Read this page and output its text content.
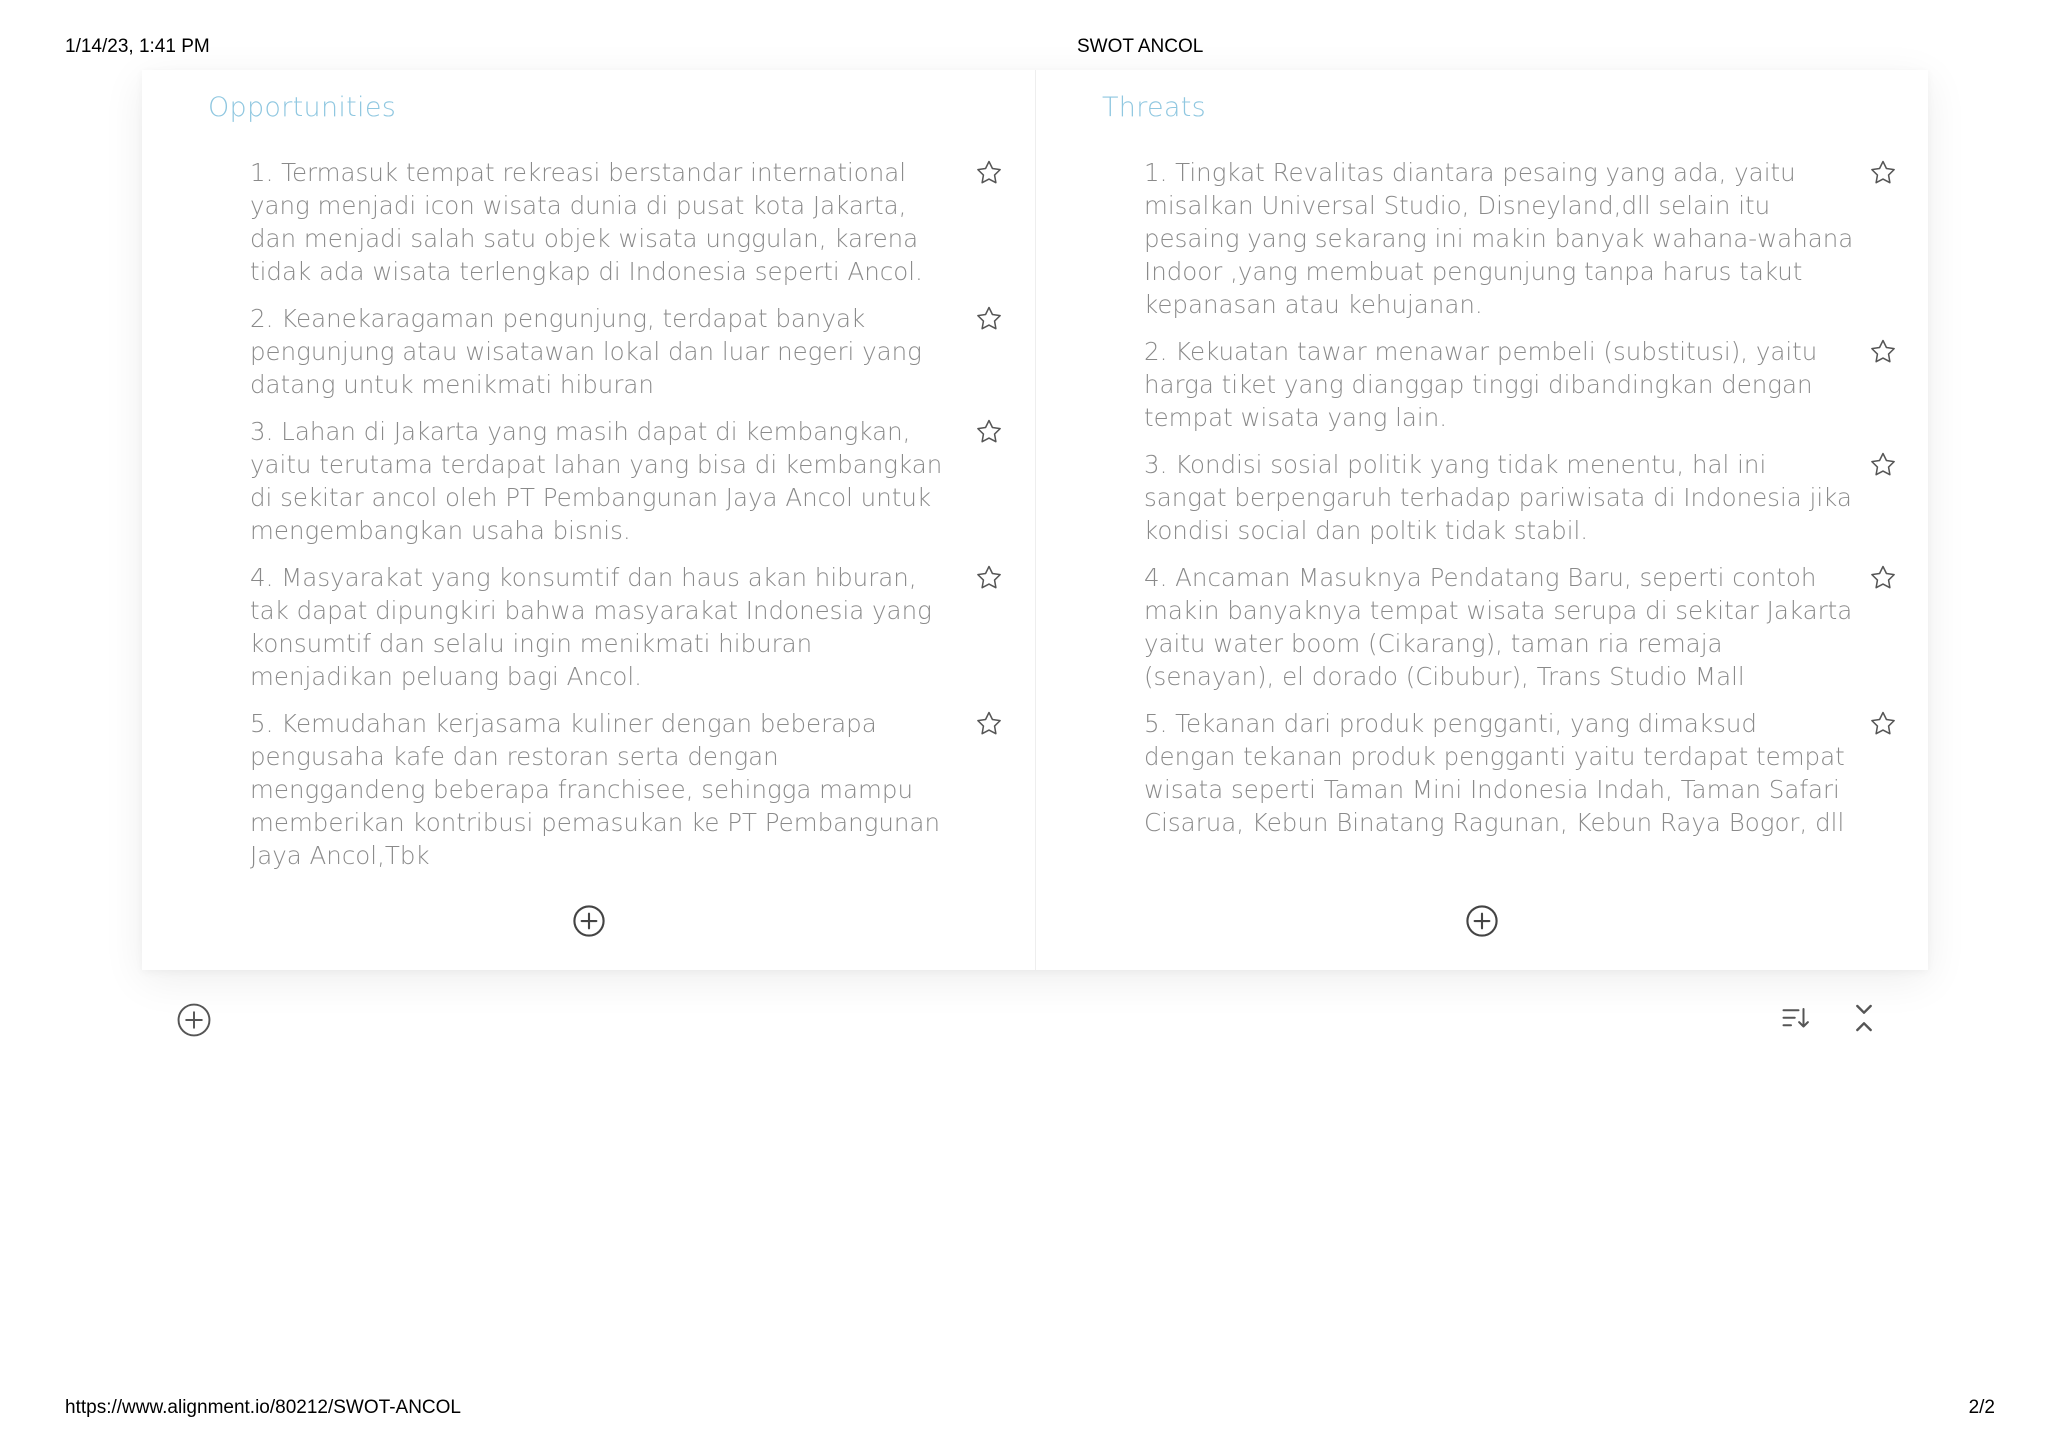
1/14/23, 1:41 PM	SWOT ANCOL
Opportunities
1. Termasuk tempat rekreasi berstandar international yang menjadi icon wisata dunia di pusat kota Jakarta, dan menjadi salah satu objek wisata unggulan, karena tidak ada wisata terlengkap di Indonesia seperti Ancol.
2. Keanekaragaman pengunjung, terdapat banyak pengunjung atau wisatawan lokal dan luar negeri yang datang untuk menikmati hiburan
3. Lahan di Jakarta yang masih dapat di kembangkan, yaitu terutama terdapat lahan yang bisa di kembangkan di sekitar ancol oleh PT Pembangunan Jaya Ancol untuk mengembangkan usaha bisnis.
4. Masyarakat yang konsumtif dan haus akan hiburan, tak dapat dipungkiri bahwa masyarakat Indonesia yang konsumtif dan selalu ingin menikmati hiburan menjadikan peluang bagi Ancol.
5. Kemudahan kerjasama kuliner dengan beberapa pengusaha kafe dan restoran serta dengan menggandeng beberapa franchisee, sehingga mampu memberikan kontribusi pemasukan ke PT Pembangunan Jaya Ancol,Tbk
Threats
1. Tingkat Revalitas diantara pesaing yang ada, yaitu misalkan Universal Studio, Disneyland,dll selain itu pesaing yang sekarang ini makin banyak wahana-wahana Indoor ,yang membuat pengunjung tanpa harus takut kepanasan atau kehujanan.
2. Kekuatan tawar menawar pembeli (substitusi), yaitu harga tiket yang dianggap tinggi dibandingkan dengan tempat wisata yang lain.
3. Kondisi sosial politik yang tidak menentu, hal ini sangat berpengaruh terhadap pariwisata di Indonesia jika kondisi social dan poltik tidak stabil.
4. Ancaman Masuknya Pendatang Baru, seperti contoh makin banyaknya tempat wisata serupa di sekitar Jakarta yaitu water boom (Cikarang), taman ria remaja (senayan), el dorado (Cibubur), Trans Studio Mall
5. Tekanan dari produk pengganti, yang dimaksud dengan tekanan produk pengganti yaitu terdapat tempat wisata seperti Taman Mini Indonesia Indah, Taman Safari Cisarua, Kebun Binatang Ragunan, Kebun Raya Bogor, dll
https://www.alignment.io/80212/SWOT-ANCOL	2/2
